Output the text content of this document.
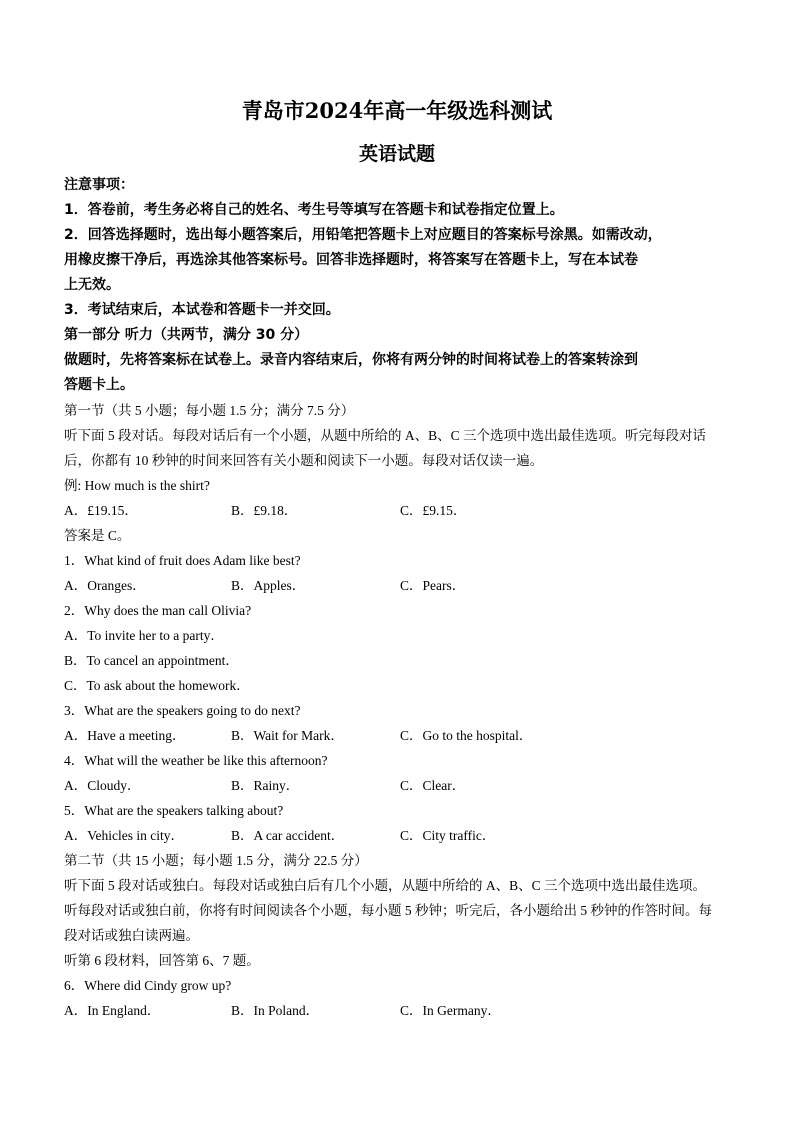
青岛市2024年高一年级选科测试
英语试题
注意事项：
1．答卷前，考生务必将自己的姓名、考生号等填写在答题卡和试卷指定位置上。
2．回答选择题时，选出每小题答案后，用铅笔把答题卡上对应题目的答案标号涂黑。如需改动，
用橡皮擦干净后，再选涂其他答案标号。回答非选择题时，将答案写在答题卡上，写在本试卷
上无效。
3．考试结束后，本试卷和答题卡一并交回。
第一部分 听力（共两节，满分 30 分）
做题时，先将答案标在试卷上。录音内容结束后，你将有两分钟的时间将试卷上的答案转涂到
答题卡上。
第一节（共 5 小题；每小题 1.5 分；满分 7.5 分）
听下面 5 段对话。每段对话后有一个小题，从题中所给的 A、B、C 三个选项中选出最佳选项。听完每段对话
后，你都有 10 秒钟的时间来回答有关小题和阅读下一小题。每段对话仅读一遍。
例: How much is the shirt?
A．£19.15．	B．£9.18．	C．£9.15．
答案是 C。
1．What kind of fruit does Adam like best?
A．Oranges．	B．Apples．	C．Pears．
2．Why does the man call Olivia?
A．To invite her to a party．
B．To cancel an appointment．
C．To ask about the homework．
3．What are the speakers going to do next?
A．Have a meeting．	B．Wait for Mark．	C．Go to the hospital．
4．What will the weather be like this afternoon?
A．Cloudy．	B．Rainy．	C．Clear．
5．What are the speakers talking about?
A．Vehicles in city．	B．A car accident．	C．City traffic．
第二节（共 15 小题；每小题 1.5 分，满分 22.5 分）
听下面 5 段对话或独白。每段对话或独白后有几个小题，从题中所给的 A、B、C 三个选项中选出最佳选项。
听每段对话或独白前，你将有时间阅读各个小题，每小题 5 秒钟；听完后，各小题给出 5 秒钟的作答时间。每
段对话或独白读两遍。
听第 6 段材料，回答第 6、7 题。
6．Where did Cindy grow up?
A．In England．	B．In Poland．	C．In Germany．
